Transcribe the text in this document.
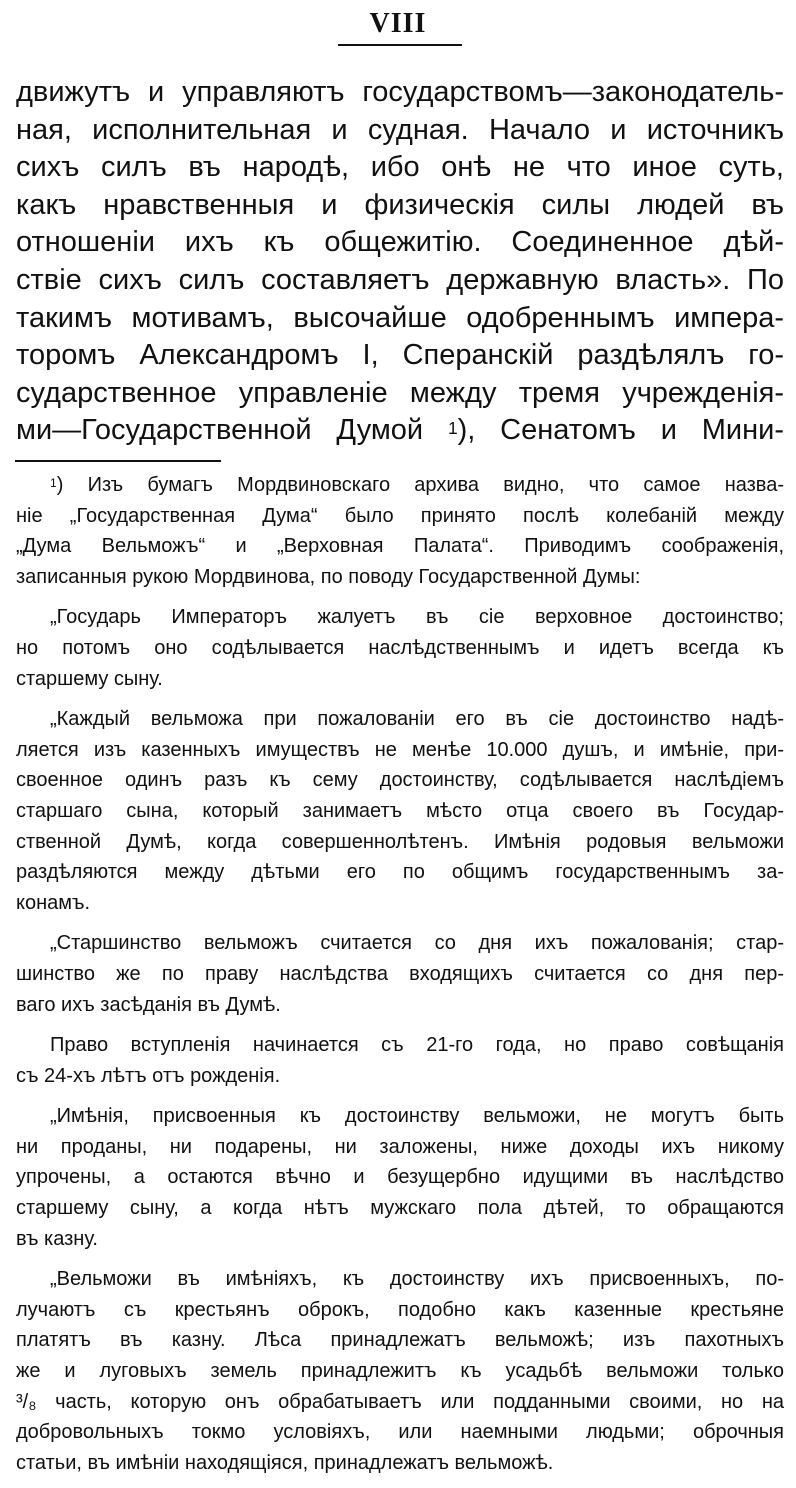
VIII
движутъ и управляютъ государствомъ—законодатель-
ная, исполнительная и судная. Начало и источникъ
сихъ силъ въ народѣ, ибо онѣ не что иное суть,
какъ нравственныя и физическія силы людей въ
отношеніи ихъ къ общежитію. Соединенное дѣй-
ствіе сихъ силъ составляетъ державную власть». По
такимъ мотивамъ, высочайше одобреннымъ импера-
торомъ Александромъ I, Сперанскій раздѣлялъ го-
сударственное управленіе между тремя учрежденія-
ми—Государственной Думой $^1$), Сенатомъ и Мини-
$^1$) Изъ бумагъ Мордвиновскаго архива видно, что самое назва-
ніе „Государственная Дума“ было принято послѣ колебаній между
„Дума Вельможъ“ и „Верховная Палата“. Приводимъ соображенія,
записанныя рукою Мордвинова, по поводу Государственной Думы:
„Государь Императоръ жалуетъ въ сіе верховное достоинство;
но потомъ оно содѣлывается наслѣдственнымъ и идетъ всегда къ
старшему сыну.
„Каждый вельможа при пожалованіи его въ сіе достоинство надѣ-
ляется изъ казенныхъ имуществъ не менѣе 10.000 душъ, и имѣніе, при-
своенное одинъ разъ къ сему достоинству, содѣлывается наслѣдіемъ
старшаго сына, который занимаетъ мѣсто отца своего въ Государ-
ственной Думѣ, когда совершеннолѣтенъ. Имѣнія родовыя вельможи
раздѣляются между дѣтьми его по общимъ государственнымъ за-
конамъ.
„Старшинство вельможъ считается со дня ихъ пожалованія; стар-
шинство же по праву наслѣдства входящихъ считается со дня пер-
ваго ихъ засѣданія въ Думѣ.
Право вступленія начинается съ 21-го года, но право совѣщанія
съ 24-хъ лѣтъ отъ рожденія.
„Имѣнія, присвоенныя къ достоинству вельможи, не могутъ быть
ни проданы, ни подарены, ни заложены, ниже доходы ихъ никому
упрочены, а остаются вѣчно и безущербно идущими въ наслѣдство
старшему сыну, а когда нѣтъ мужскаго пола дѣтей, то обращаются
въ казну.
„Вельможи въ имѣніяхъ, къ достоинству ихъ присвоенныхъ, по-
лучаютъ съ крестьянъ оброкъ, подобно какъ казенные крестьяне
платятъ въ казну. Лѣса принадлежатъ вельможѣ; изъ пахотныхъ
же и луговыхъ земель принадлежитъ къ усадьбѣ вельможи только
³/₈ часть, которую онъ обрабатываетъ или подданными своими, но на
добровольныхъ токмо условіяхъ, или наемными людьми; оброчныя
статьи, въ имѣніи находящіяся, принадлежатъ вельможѣ.
